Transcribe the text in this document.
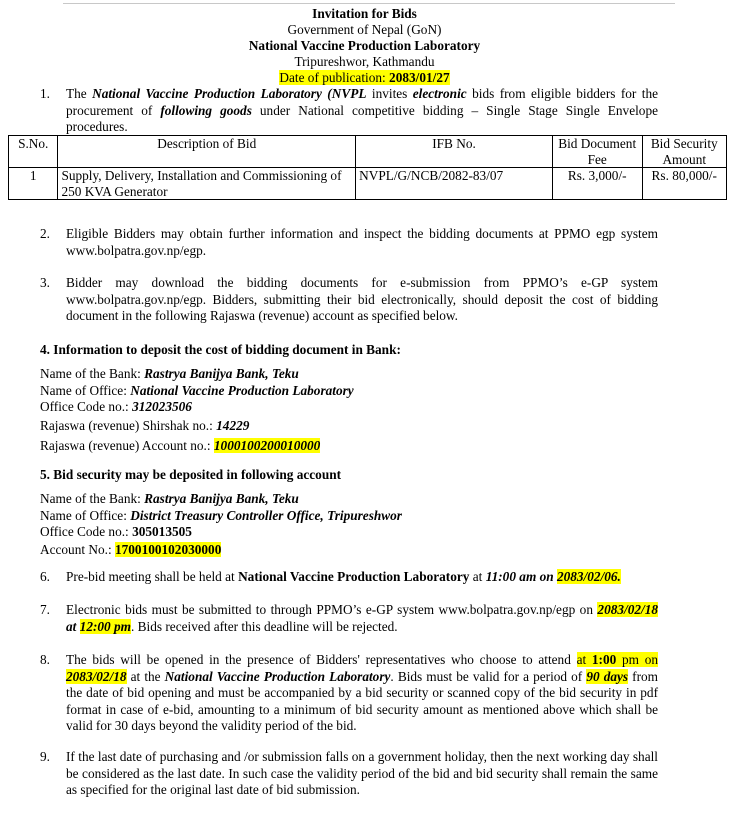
Invitation for Bids
Government of Nepal (GoN)
National Vaccine Production Laboratory
Tripureshwor, Kathmandu
Date of publication: 2083/01/27
1. The National Vaccine Production Laboratory (NVPL invites electronic bids from eligible bidders for the procurement of following goods under National competitive bidding – Single Stage Single Envelope procedures.
S.No.	Description of Bid	IFB No.	Bid Document Fee	Bid Security Amount
1	Supply, Delivery, Installation and Commissioning of 250 KVA Generator	NVPL/G/NCB/2082-83/07	Rs. 3,000/-	Rs. 80,000/-
2. Eligible Bidders may obtain further information and inspect the bidding documents at PPMO egp system www.bolpatra.gov.np/egp.
3. Bidder may download the bidding documents for e-submission from PPMO’s e-GP system www.bolpatra.gov.np/egp. Bidders, submitting their bid electronically, should deposit the cost of bidding document in the following Rajaswa (revenue) account as specified below.
4. Information to deposit the cost of bidding document in Bank:
Name of the Bank: Rastrya Banijya Bank, Teku
Name of Office: National Vaccine Production Laboratory
Office Code no.: 312023506
Rajaswa (revenue) Shirshak no.: 14229
Rajaswa (revenue) Account no.: 1000100200010000
5. Bid security may be deposited in following account
Name of the Bank: Rastrya Banijya Bank, Teku
Name of Office: District Treasury Controller Office, Tripureshwor
Office Code no.: 305013505
Account No.: 1700100102030000
6. Pre-bid meeting shall be held at National Vaccine Production Laboratory at 11:00 am on 2083/02/06.
7. Electronic bids must be submitted to through PPMO’s e-GP system www.bolpatra.gov.np/egp on 2083/02/18 at 12:00 pm. Bids received after this deadline will be rejected.
8. The bids will be opened in the presence of Bidders' representatives who choose to attend at 1:00 pm on 2083/02/18 at the National Vaccine Production Laboratory. Bids must be valid for a period of 90 days from the date of bid opening and must be accompanied by a bid security or scanned copy of the bid security in pdf format in case of e-bid, amounting to a minimum of bid security amount as mentioned above which shall be valid for 30 days beyond the validity period of the bid.
9. If the last date of purchasing and /or submission falls on a government holiday, then the next working day shall be considered as the last date. In such case the validity period of the bid and bid security shall remain the same as specified for the original last date of bid submission.
